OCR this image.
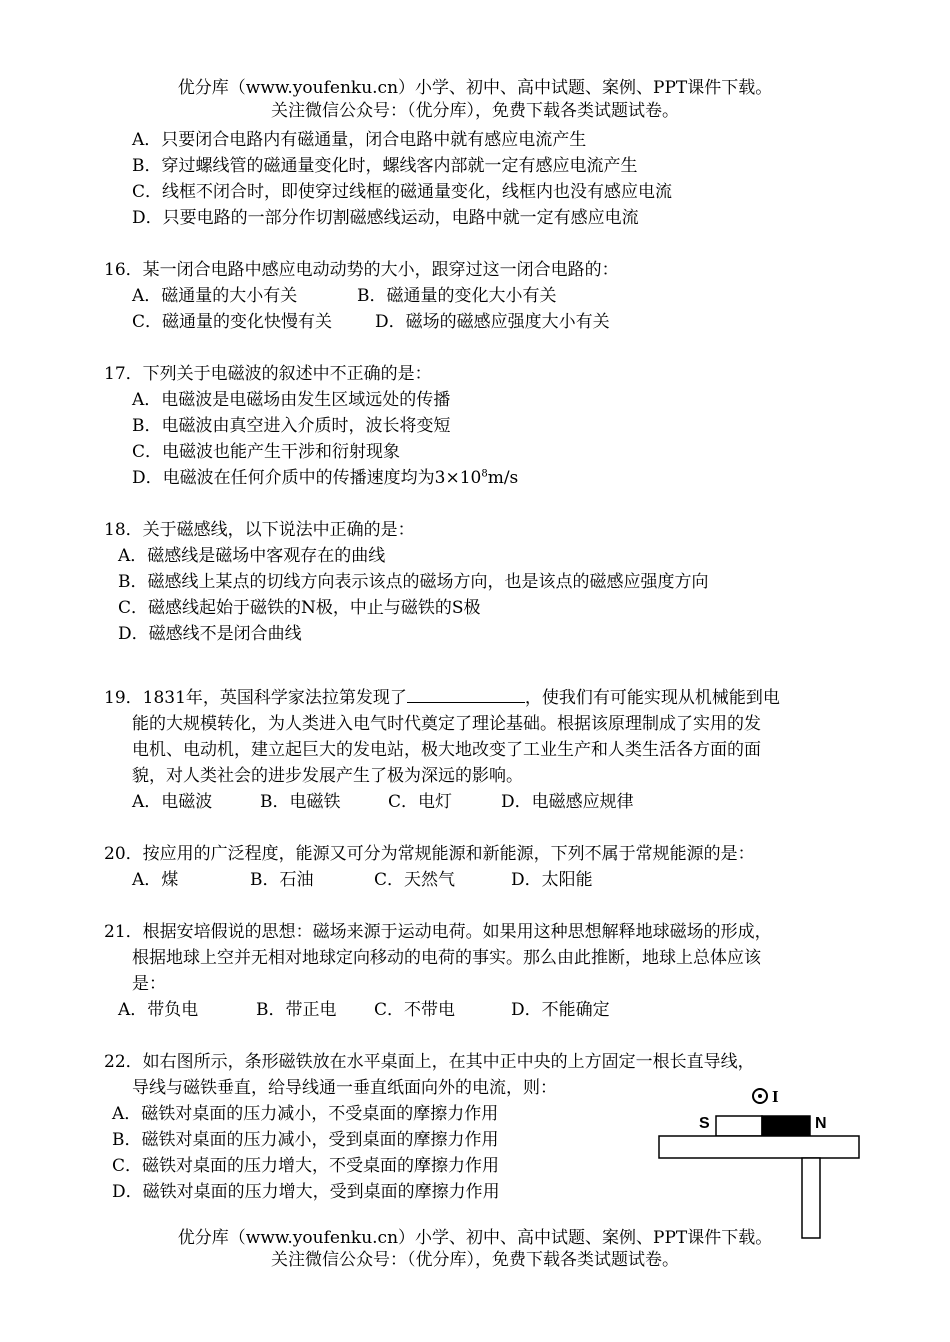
优分库（www.youfenku.cn）小学、初中、高中试题、案例、PPT课件下载。
关注微信公众号：（优分库），免费下载各类试题试卷。
A．只要闭合电路内有磁通量，闭合电路中就有感应电流产生
B．穿过螺线管的磁通量变化时，螺线客内部就一定有感应电流产生
C．线框不闭合时，即使穿过线框的磁通量变化，线框内也没有感应电流
D．只要电路的一部分作切割磁感线运动，电路中就一定有感应电流
16．某一闭合电路中感应电动动势的大小，跟穿过这一闭合电路的：
A．磁通量的大小有关	B．磁通量的变化大小有关
C．磁通量的变化快慢有关	D．磁场的磁感应强度大小有关
17．下列关于电磁波的叙述中不正确的是：
A．电磁波是电磁场由发生区域远处的传播
B．电磁波由真空进入介质时，波长将变短
C．电磁波也能产生干涉和衍射现象
D．电磁波在任何介质中的传播速度均为$3\times 10^8m/s$
18．关于磁感线，以下说法中正确的是：
A．磁感线是磁场中客观存在的曲线
B．磁感线上某点的切线方向表示该点的磁场方向，也是该点的磁感应强度方向
C．磁感线起始于磁铁的N极，中止与磁铁的S极
D．磁感线不是闭合曲线
19．1831年，英国科学家法拉第发现了	，使我们有可能实现从机械能到电
能的大规模转化，为人类进入电气时代奠定了理论基础。根据该原理制成了实用的发
电机、电动机，建立起巨大的发电站，极大地改变了工业生产和人类生活各方面的面
貌，对人类社会的进步发展产生了极为深远的影响。
A．电磁波	B．电磁铁	C．电灯	D．电磁感应规律
20．按应用的广泛程度，能源又可分为常规能源和新能源，下列不属于常规能源的是：
A．煤	B．石油	C．天然气	D．太阳能
21．根据安培假说的思想：磁场来源于运动电荷。如果用这种思想解释地球磁场的形成，
根据地球上空并无相对地球定向移动的电荷的事实。那么由此推断，地球上总体应该
是：
A．带负电	B．带正电 C．不带电	D．不能确定
22．如右图所示，条形磁铁放在水平桌面上，在其中正中央的上方固定一根长直导线，
导线与磁铁垂直，给导线通一垂直纸面向外的电流，则：
A．磁铁对桌面的压力减小，不受桌面的摩擦力作用
B．磁铁对桌面的压力减小，受到桌面的摩擦力作用
C．磁铁对桌面的压力增大，不受桌面的摩擦力作用
D．磁铁对桌面的压力增大，受到桌面的摩擦力作用
I
S	N
优分库（www.youfenku.cn）小学、初中、高中试题、案例、PPT课件下载。
关注微信公众号：（优分库），免费下载各类试题试卷。
